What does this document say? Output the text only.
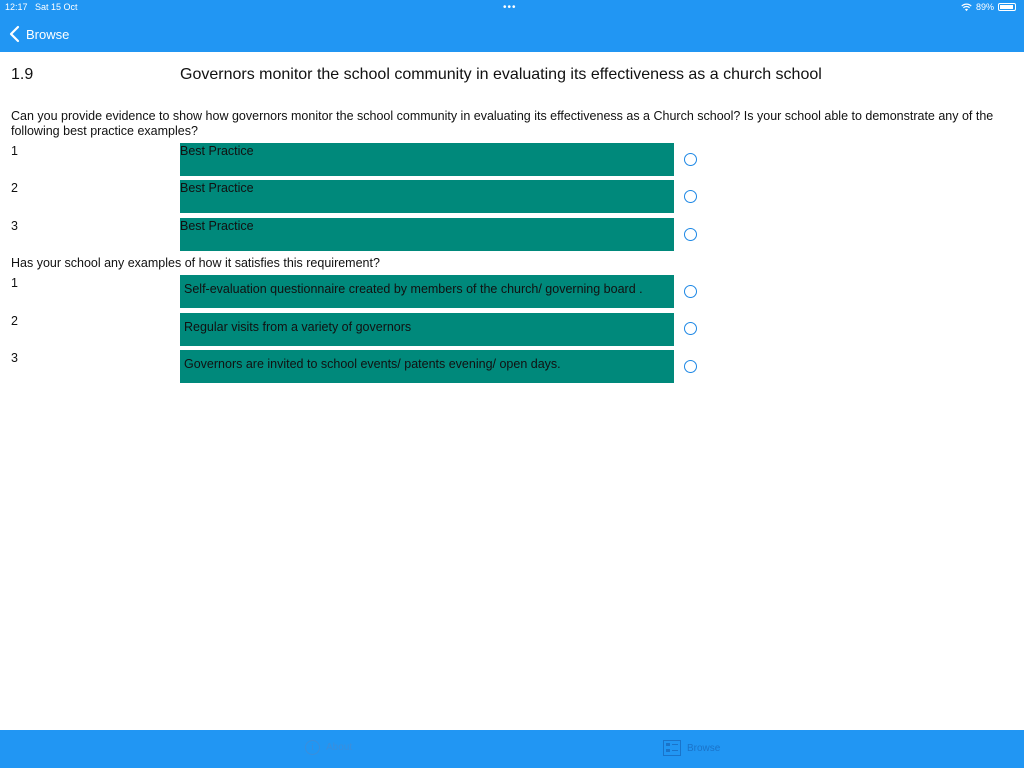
12:17 Sat 15 Oct	•••	89%
Browse
1.9	Governors monitor the school community in evaluating its effectiveness as a church school
Can you provide evidence to show how governors monitor the school community in evaluating its effectiveness as a Church school? Is your school able to demonstrate any of the following best practice examples?
1	Best Practice
2	Best Practice
3	Best Practice
Has your school any examples of how it satisfies this requirement?
1	Self-evaluation questionnaire created by members of the church/ governing board .
2	Regular visits from a variety of governors
3	Governors are invited to school events/ patents evening/ open days.
i	About	Browse
